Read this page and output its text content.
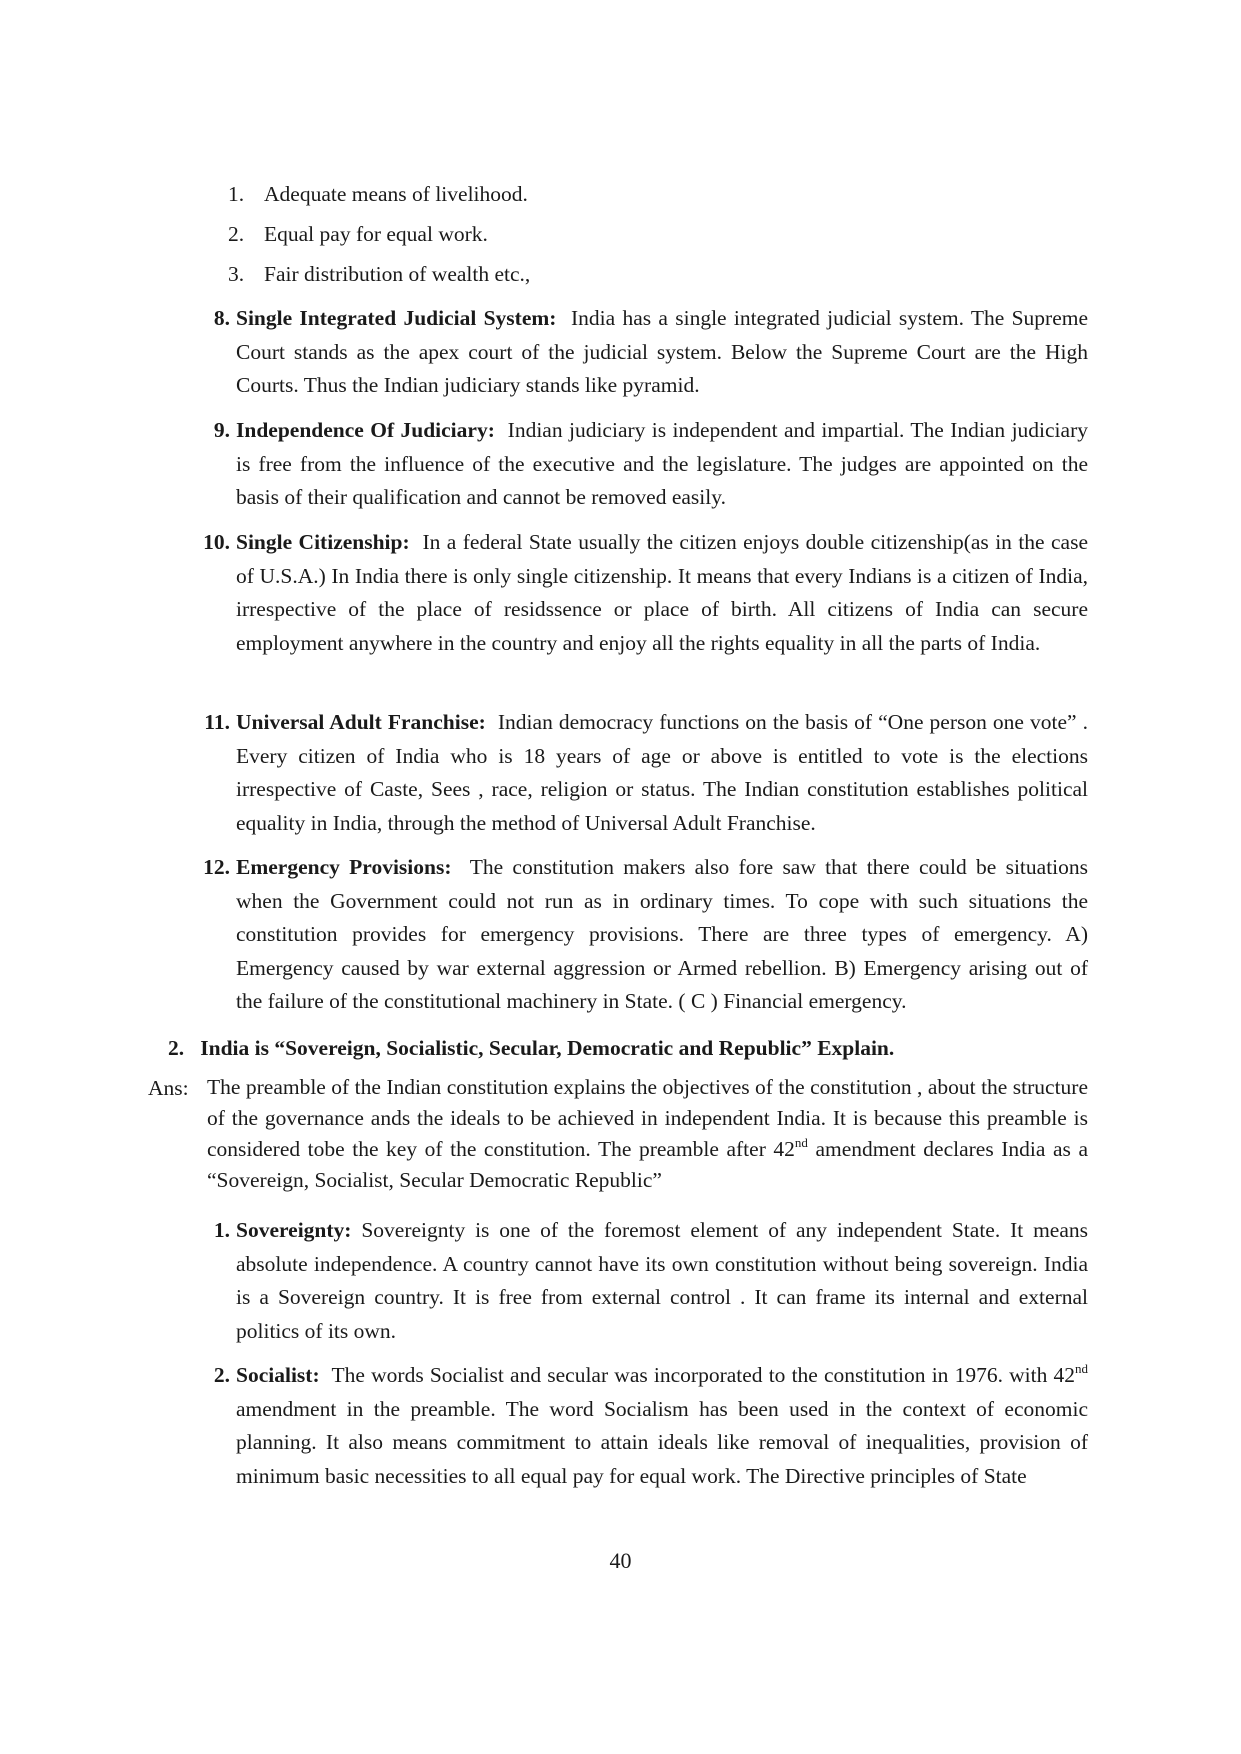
1. Adequate means of livelihood.

2. Equal pay for equal work.

3. Fair distribution of wealth etc.,

8. Single Integrated Judicial System: India has a single integrated judicial system. The Supreme Court stands as the apex court of the judicial system. Below the Supreme Court are the High Courts. Thus the Indian judiciary stands like pyramid.

9. Independence Of Judiciary: Indian judiciary is independent and impartial. The Indian judiciary is free from the influence of the executive and the legislature. The judges are appointed on the basis of their qualification and cannot be removed easily.

10. Single Citizenship: In a federal State usually the citizen enjoys double citizenship(as in the case of U.S.A.) In India there is only single citizenship. It means that every Indians is a citizen of India, irrespective of the place of residssence or place of birth. All citizens of India can secure employment anywhere in the country and enjoy all the rights equality in all the parts of India.

11. Universal Adult Franchise: Indian democracy functions on the basis of “One person one vote” . Every citizen of India who is 18 years of age or above is entitled to vote is the elections irrespective of Caste, Sees , race, religion or status. The Indian constitution establishes political equality in India, through the method of Universal Adult Franchise.

12. Emergency Provisions: The constitution makers also fore saw that there could be situations when the Government could not run as in ordinary times. To cope with such situations the constitution provides for emergency provisions. There are three types of emergency. A) Emergency caused by war external aggression or Armed rebellion. B) Emergency arising out of the failure of the constitutional machinery in State. ( C ) Financial emergency.

2. India is “Sovereign, Socialistic, Secular, Democratic and Republic” Explain.

Ans: The preamble of the Indian constitution explains the objectives of the constitution , about the structure of the governance ands the ideals to be achieved in independent India. It is because this preamble is considered tobe the key of the constitution. The preamble after 42nd amendment declares India as a “Sovereign, Socialist, Secular Democratic Republic”

1. Sovereignty: Sovereignty is one of the foremost element of any independent State. It means absolute independence. A country cannot have its own constitution without being sovereign. India is a Sovereign country. It is free from external control . It can frame its internal and external politics of its own.

2. Socialist: The words Socialist and secular was incorporated to the constitution in 1976. with 42nd amendment in the preamble. The word Socialism has been used in the context of economic planning. It also means commitment to attain ideals like removal of inequalities, provision of minimum basic necessities to all equal pay for equal work. The Directive principles of State

40
